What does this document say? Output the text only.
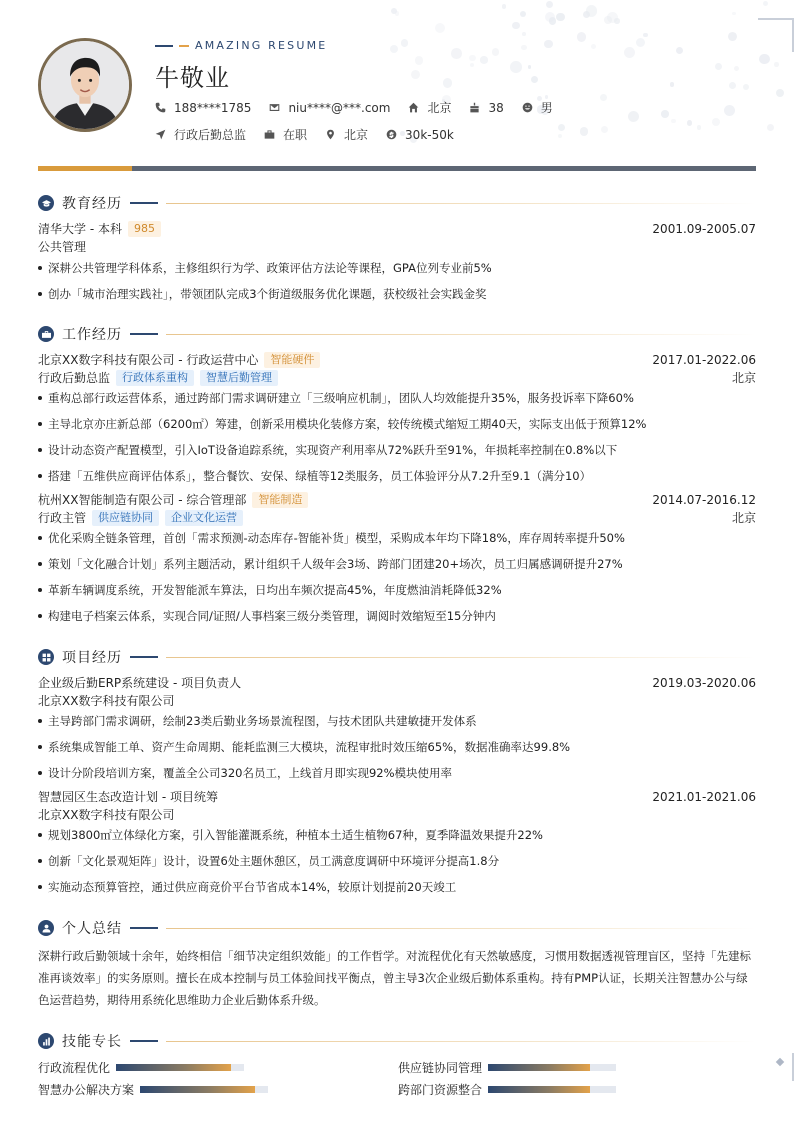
AMAZING RESUME
牛敬业
188****1785	niu****@***.com	北京	38	男
行政后勤总监	在职	北京	30k-50k
教育经历
清华大学 - 本科	985	2001.09-2005.07
公共管理
深耕公共管理学科体系，主修组织行为学、政策评估方法论等课程，GPA位列专业前5%
创办「城市治理实践社」，带领团队完成3个街道级服务优化课题，获校级社会实践金奖
工作经历
北京XX数字科技有限公司 - 行政运营中心	智能硬件	2017.01-2022.06
行政后勤总监	行政体系重构	智慧后勤管理	北京
重构总部行政运营体系，通过跨部门需求调研建立「三级响应机制」，团队人均效能提升35%，服务投诉率下降60%
主导北京亦庄新总部（6200㎡）筹建，创新采用模块化装修方案，较传统模式缩短工期40天，实际支出低于预算12%
设计动态资产配置模型，引入IoT设备追踪系统，实现资产利用率从72%跃升至91%，年损耗率控制在0.8%以下
搭建「五维供应商评估体系」，整合餐饮、安保、绿植等12类服务，员工体验评分从7.2升至9.1（满分10）
杭州XX智能制造有限公司 - 综合管理部	智能制造	2014.07-2016.12
行政主管	供应链协同	企业文化运营	北京
优化采购全链条管理，首创「需求预测-动态库存-智能补货」模型，采购成本年均下降18%，库存周转率提升50%
策划「文化融合计划」系列主题活动，累计组织千人级年会3场、跨部门团建20+场次，员工归属感调研提升27%
革新车辆调度系统，开发智能派车算法，日均出车频次提高45%，年度燃油消耗降低32%
构建电子档案云体系，实现合同/证照/人事档案三级分类管理，调阅时效缩短至15分钟内
项目经历
企业级后勤ERP系统建设 - 项目负责人	2019.03-2020.06
北京XX数字科技有限公司
主导跨部门需求调研，绘制23类后勤业务场景流程图，与技术团队共建敏捷开发体系
系统集成智能工单、资产生命周期、能耗监测三大模块，流程审批时效压缩65%，数据准确率达99.8%
设计分阶段培训方案，覆盖全公司320名员工，上线首月即实现92%模块使用率
智慧园区生态改造计划 - 项目统筹	2021.01-2021.06
北京XX数字科技有限公司
规划3800㎡立体绿化方案，引入智能灌溉系统，种植本土适生植物67种，夏季降温效果提升22%
创新「文化景观矩阵」设计，设置6处主题休憩区，员工满意度调研中环境评分提高1.8分
实施动态预算管控，通过供应商竞价平台节省成本14%，较原计划提前20天竣工
个人总结
深耕行政后勤领域十余年，始终相信「细节决定组织效能」的工作哲学。对流程优化有天然敏感度，习惯用数据透视管理盲区，坚持「先建标准再谈效率」的实务原则。擅长在成本控制与员工体验间找平衡点，曾主导3次企业级后勤体系重构。持有PMP认证，长期关注智慧办公与绿色运营趋势，期待用系统化思维助力企业后勤体系升级。
技能专长
行政流程优化	供应链协同管理
智慧办公解决方案	跨部门资源整合
